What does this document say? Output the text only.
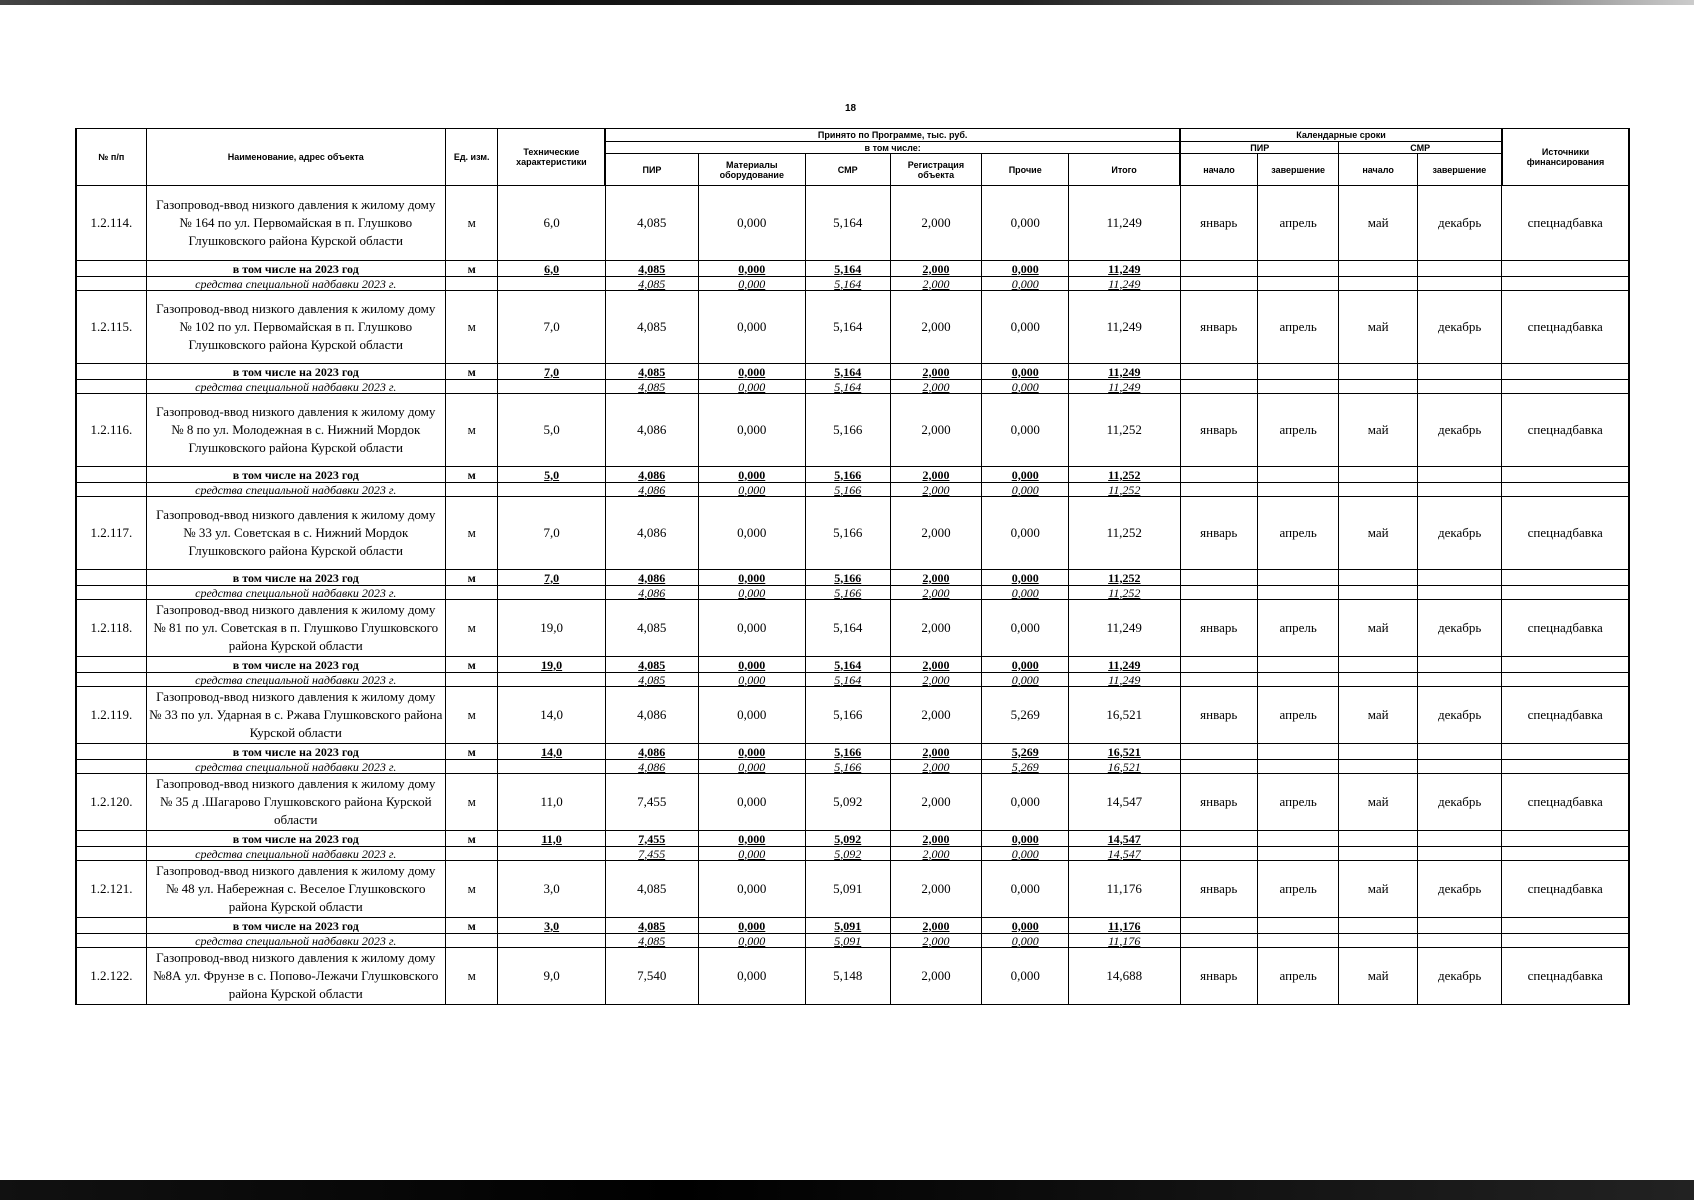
18
№ п/п	Наименование, адрес объекта	Ед. изм.	Технические характеристики	Принято по Программе, тыс. руб.						Календарные сроки				Источники финансирования
				в том числе:						ПИР		СМР		
				ПИР	Материалы оборудование	СМР	Регистрация объекта	Прочие	Итого	начало	завершение	начало	завершение	
1.2.114.	Газопровод-ввод низкого давления к жилому дому № 164 по ул. Первомайская в п. Глушково Глушковского района Курской области	м	6,0	4,085	0,000	5,164	2,000	0,000	11,249	январь	апрель	май	декабрь	спецнадбавка
	в том числе на 2023 год	м	6,0	4,085	0,000	5,164	2,000	0,000	11,249					
	средства специальной надбавки 2023 г.			4,085	0,000	5,164	2,000	0,000	11,249					
1.2.115.	Газопровод-ввод низкого давления к жилому дому № 102 по ул. Первомайская в п. Глушково Глушковского района Курской области	м	7,0	4,085	0,000	5,164	2,000	0,000	11,249	январь	апрель	май	декабрь	спецнадбавка
	в том числе на 2023 год	м	7,0	4,085	0,000	5,164	2,000	0,000	11,249					
	средства специальной надбавки 2023 г.			4,085	0,000	5,164	2,000	0,000	11,249					
1.2.116.	Газопровод-ввод низкого давления к жилому дому № 8 по ул. Молодежная в с. Нижний Мордок Глушковского района Курской области	м	5,0	4,086	0,000	5,166	2,000	0,000	11,252	январь	апрель	май	декабрь	спецнадбавка
	в том числе на 2023 год	м	5,0	4,086	0,000	5,166	2,000	0,000	11,252					
	средства специальной надбавки 2023 г.			4,086	0,000	5,166	2,000	0,000	11,252					
1.2.117.	Газопровод-ввод низкого давления к жилому дому № 33 ул. Советская в с. Нижний Мордок Глушковского района Курской области	м	7,0	4,086	0,000	5,166	2,000	0,000	11,252	январь	апрель	май	декабрь	спецнадбавка
	в том числе на 2023 год	м	7,0	4,086	0,000	5,166	2,000	0,000	11,252					
	средства специальной надбавки 2023 г.			4,086	0,000	5,166	2,000	0,000	11,252					
1.2.118.	Газопровод-ввод низкого давления к жилому дому № 81 по ул. Советская в п. Глушково Глушковского района Курской области	м	19,0	4,085	0,000	5,164	2,000	0,000	11,249	январь	апрель	май	декабрь	спецнадбавка
	в том числе на 2023 год	м	19,0	4,085	0,000	5,164	2,000	0,000	11,249					
	средства специальной надбавки 2023 г.			4,085	0,000	5,164	2,000	0,000	11,249					
1.2.119.	Газопровод-ввод низкого давления к жилому дому № 33 по ул. Ударная в с. Ржава Глушковского района Курской области	м	14,0	4,086	0,000	5,166	2,000	5,269	16,521	январь	апрель	май	декабрь	спецнадбавка
	в том числе на 2023 год	м	14,0	4,086	0,000	5,166	2,000	5,269	16,521					
	средства специальной надбавки 2023 г.			4,086	0,000	5,166	2,000	5,269	16,521					
1.2.120.	Газопровод-ввод низкого давления к жилому дому № 35 д .Шагарово Глушковского района Курской области	м	11,0	7,455	0,000	5,092	2,000	0,000	14,547	январь	апрель	май	декабрь	спецнадбавка
	в том числе на 2023 год	м	11,0	7,455	0,000	5,092	2,000	0,000	14,547					
	средства специальной надбавки 2023 г.			7,455	0,000	5,092	2,000	0,000	14,547					
1.2.121.	Газопровод-ввод низкого давления к жилому дому № 48 ул. Набережная с. Веселое Глушковского района Курской области	м	3,0	4,085	0,000	5,091	2,000	0,000	11,176	январь	апрель	май	декабрь	спецнадбавка
	в том числе на 2023 год	м	3,0	4,085	0,000	5,091	2,000	0,000	11,176					
	средства специальной надбавки 2023 г.			4,085	0,000	5,091	2,000	0,000	11,176					
1.2.122.	Газопровод-ввод низкого давления к жилому дому №8А ул. Фрунзе в с. Попово-Лежачи Глушковского района Курской области	м	9,0	7,540	0,000	5,148	2,000	0,000	14,688	январь	апрель	май	декабрь	спецнадбавка
